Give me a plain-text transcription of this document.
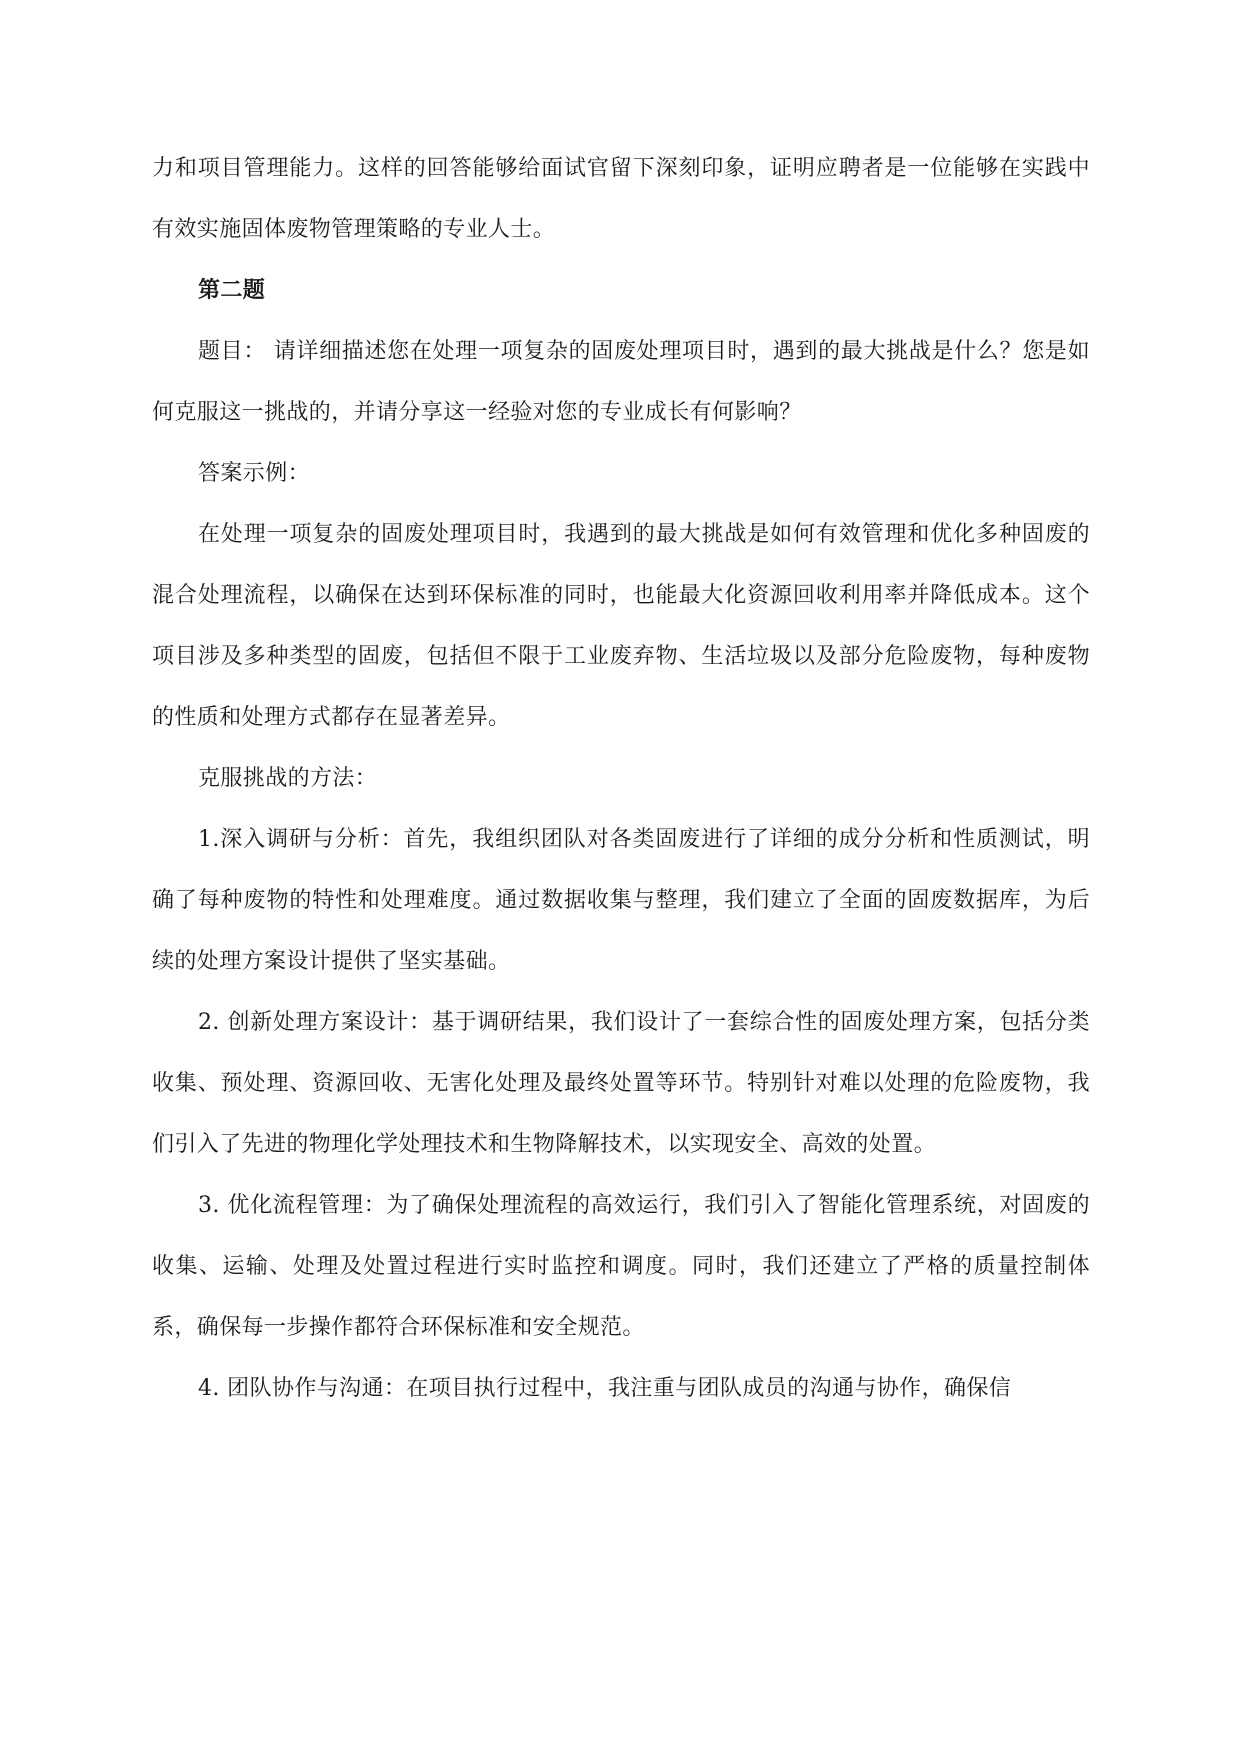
力和项目管理能力。这样的回答能够给面试官留下深刻印象，证明应聘者是一位能够在实践中有效实施固体废物管理策略的专业人士。

第二题

题目： 请详细描述您在处理一项复杂的固废处理项目时，遇到的最大挑战是什么？您是如何克服这一挑战的，并请分享这一经验对您的专业成长有何影响？

答案示例：

在处理一项复杂的固废处理项目时，我遇到的最大挑战是如何有效管理和优化多种固废的混合处理流程，以确保在达到环保标准的同时，也能最大化资源回收利用率并降低成本。这个项目涉及多种类型的固废，包括但不限于工业废弃物、生活垃圾以及部分危险废物，每种废物的性质和处理方式都存在显著差异。

克服挑战的方法：

1.深入调研与分析：首先，我组织团队对各类固废进行了详细的成分分析和性质测试，明确了每种废物的特性和处理难度。通过数据收集与整理，我们建立了全面的固废数据库，为后续的处理方案设计提供了坚实基础。

2. 创新处理方案设计：基于调研结果，我们设计了一套综合性的固废处理方案，包括分类收集、预处理、资源回收、无害化处理及最终处置等环节。特别针对难以处理的危险废物，我们引入了先进的物理化学处理技术和生物降解技术，以实现安全、高效的处置。

3. 优化流程管理：为了确保处理流程的高效运行，我们引入了智能化管理系统，对固废的收集、运输、处理及处置过程进行实时监控和调度。同时，我们还建立了严格的质量控制体系，确保每一步操作都符合环保标准和安全规范。

4. 团队协作与沟通：在项目执行过程中，我注重与团队成员的沟通与协作，确保信
